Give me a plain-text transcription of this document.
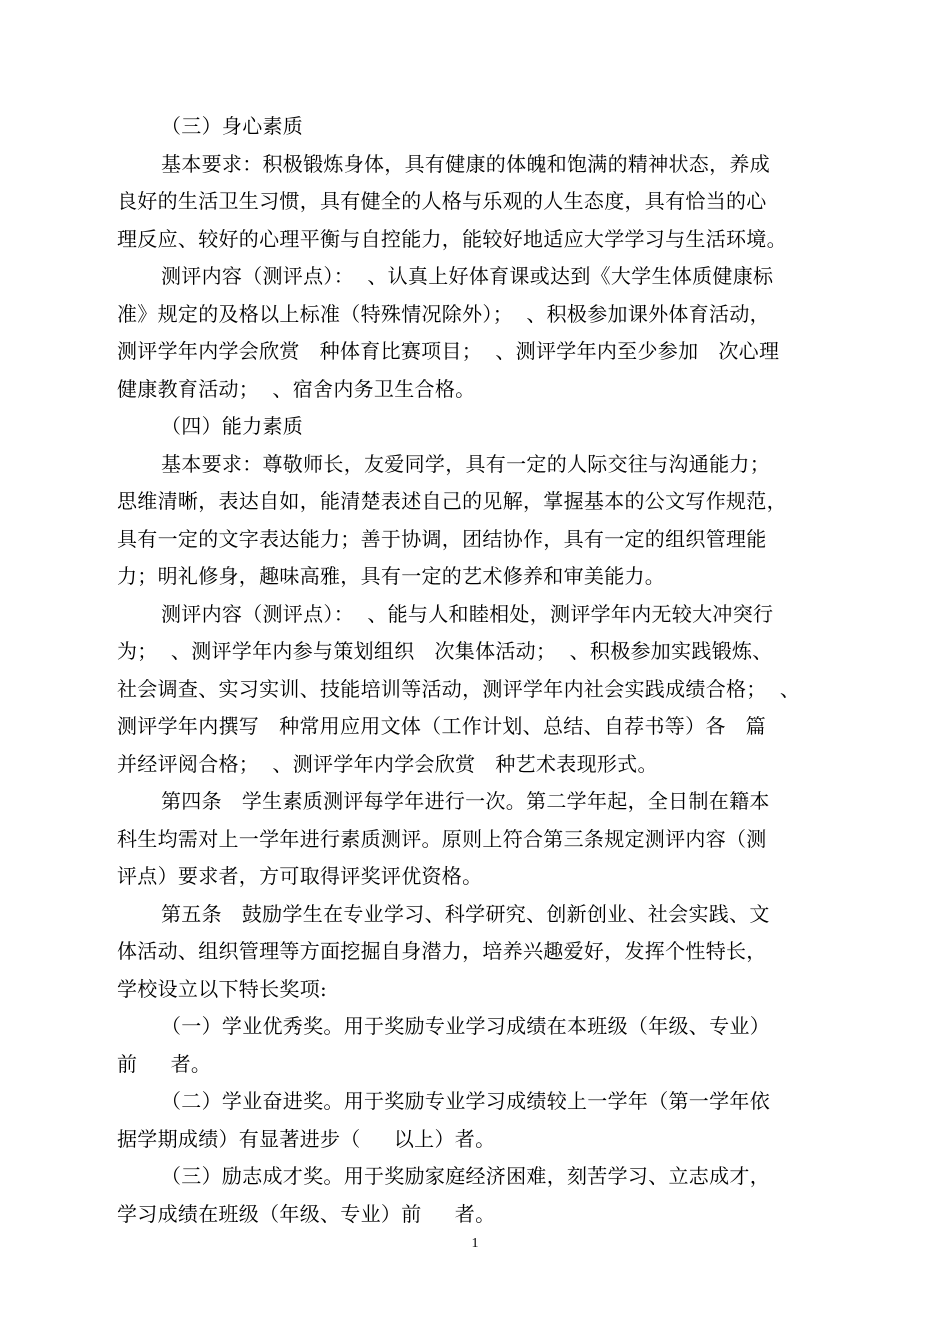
（三）身心素质
基本要求：积极锻炼身体，具有健康的体魄和饱满的精神状态，养成
良好的生活卫生习惯，具有健全的人格与乐观的人生态度，具有恰当的心
理反应、较好的心理平衡与自控能力，能较好地适应大学学习与生活环境。
测评内容（测评点）：  、认真上好体育课或达到《大学生体质健康标
准》规定的及格以上标准（特殊情况除外）；  、积极参加课外体育活动，
测评学年内学会欣赏   种体育比赛项目；  、测评学年内至少参加   次心理
健康教育活动；  、宿舍内务卫生合格。
（四）能力素质
基本要求：尊敬师长，友爱同学，具有一定的人际交往与沟通能力；
思维清晰，表达自如，能清楚表述自己的见解，掌握基本的公文写作规范，
具有一定的文字表达能力；善于协调，团结协作，具有一定的组织管理能
力；明礼修身，趣味高雅，具有一定的艺术修养和审美能力。
测评内容（测评点）：  、能与人和睦相处，测评学年内无较大冲突行
为；  、测评学年内参与策划组织   次集体活动；  、积极参加实践锻炼、
社会调查、实习实训、技能培训等活动，测评学年内社会实践成绩合格；  、
测评学年内撰写   种常用应用文体（工作计划、总结、自荐书等）各   篇
并经评阅合格；  、测评学年内学会欣赏   种艺术表现形式。
第四条   学生素质测评每学年进行一次。第二学年起，全日制在籍本
科生均需对上一学年进行素质测评。原则上符合第三条规定测评内容（测
评点）要求者，方可取得评奖评优资格。
第五条   鼓励学生在专业学习、科学研究、创新创业、社会实践、文
体活动、组织管理等方面挖掘自身潜力，培养兴趣爱好，发挥个性特长，
学校设立以下特长奖项:
（一）学业优秀奖。用于奖励专业学习成绩在本班级（年级、专业）
前     者。
（二）学业奋进奖。用于奖励专业学习成绩较上一学年（第一学年依
据学期成绩）有显著进步（     以上）者。
（三）励志成才奖。用于奖励家庭经济困难，刻苦学习、立志成才，
学习成绩在班级（年级、专业）前     者。
1
